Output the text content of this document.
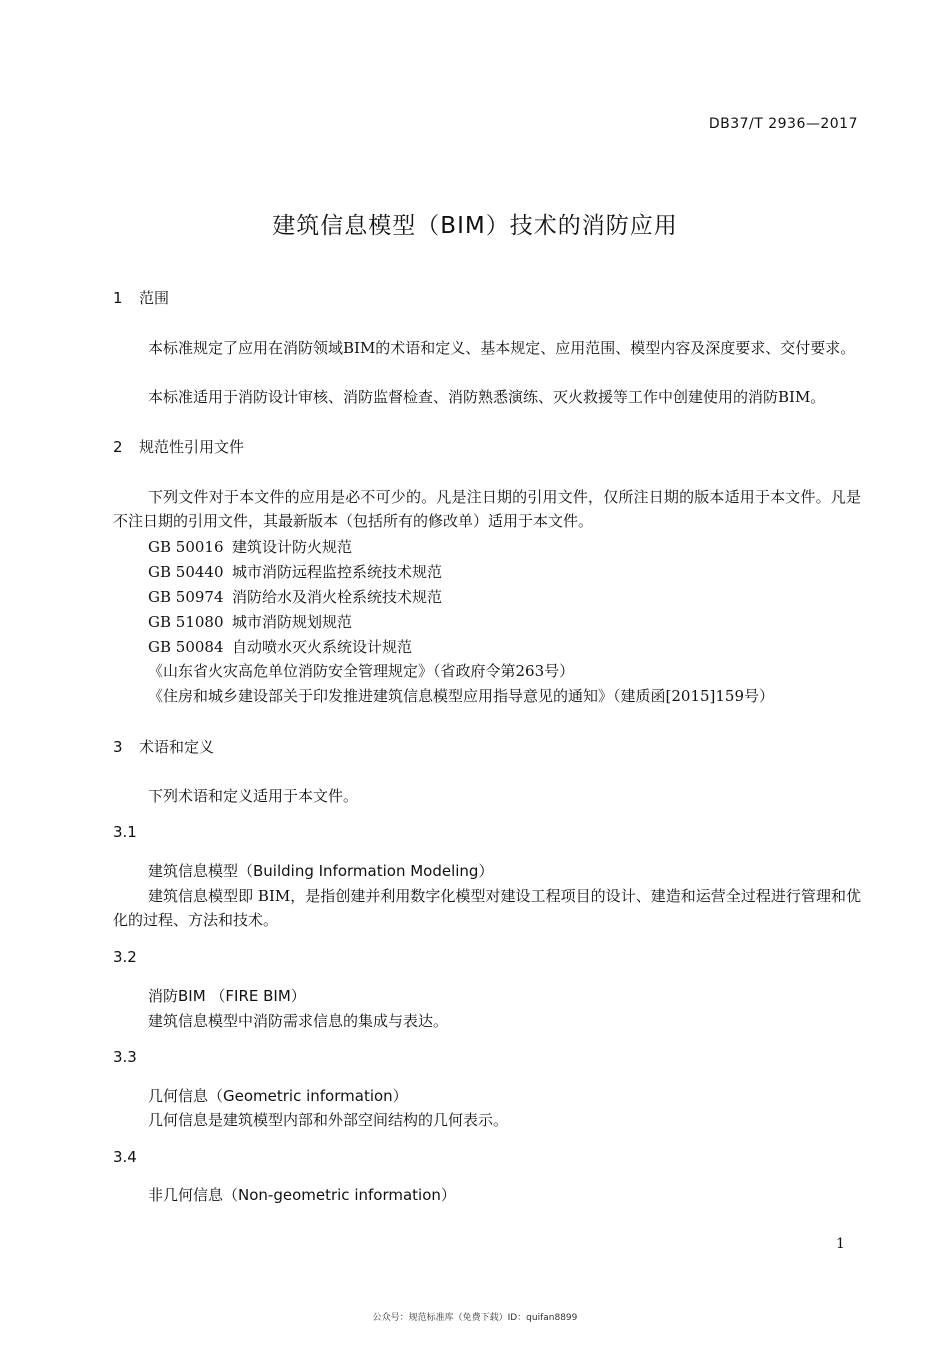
DB37/T 2936—2017
建筑信息模型（BIM）技术的消防应用
1 范围
本标准规定了应用在消防领域BIM的术语和定义、基本规定、应用范围、模型内容及深度要求、交付要求。
本标准适用于消防设计审核、消防监督检查、消防熟悉演练、灭火救援等工作中创建使用的消防BIM。
2 规范性引用文件
下列文件对于本文件的应用是必不可少的。凡是注日期的引用文件，仅所注日期的版本适用于本文件。凡是不注日期的引用文件，其最新版本（包括所有的修改单）适用于本文件。
GB 50016 建筑设计防火规范
GB 50440 城市消防远程监控系统技术规范
GB 50974 消防给水及消火栓系统技术规范
GB 51080 城市消防规划规范
GB 50084 自动喷水灭火系统设计规范
《山东省火灾高危单位消防安全管理规定》（省政府令第263号）
《住房和城乡建设部关于印发推进建筑信息模型应用指导意见的通知》（建质函[2015]159号）
3 术语和定义
下列术语和定义适用于本文件。
3.1
建筑信息模型（Building Information Modeling）
建筑信息模型即 BIM，是指创建并利用数字化模型对建设工程项目的设计、建造和运营全过程进行管理和优化的过程、方法和技术。
3.2
消防BIM （FIRE BIM）
建筑信息模型中消防需求信息的集成与表达。
3.3
几何信息（Geometric information）
几何信息是建筑模型内部和外部空间结构的几何表示。
3.4
非几何信息（Non-geometric information）
1
公众号：规范标准库（免费下载）ID：quifan8899
